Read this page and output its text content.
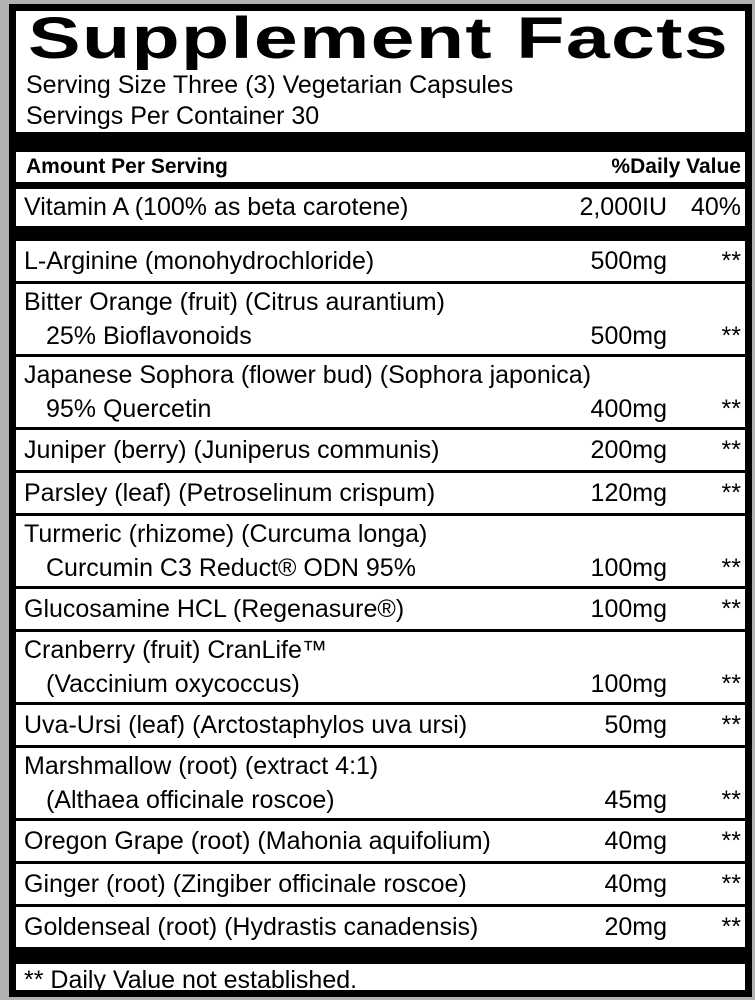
Supplement Facts
Serving Size Three (3) Vegetarian Capsules
Servings Per Container 30
Amount Per Serving	%Daily Value
Vitamin A (100% as beta carotene)	2,000IU 40%
L-Arginine (monohydrochloride)	500mg	**
Bitter Orange (fruit) (Citrus aurantium)
25% Bioflavonoids	500mg	**
Japanese Sophora (flower bud) (Sophora japonica)
95% Quercetin	400mg	**
Juniper (berry) (Juniperus communis)	200mg	**
Parsley (leaf) (Petroselinum crispum)	120mg	**
Turmeric (rhizome) (Curcuma longa)
Curcumin C3 Reduct® ODN 95%	100mg	**
Glucosamine HCL (Regenasure®)	100mg	**
Cranberry (fruit) CranLife™
(Vaccinium oxycoccus)	100mg	**
Uva-Ursi (leaf) (Arctostaphylos uva ursi)	50mg	**
Marshmallow (root) (extract 4:1)
(Althaea officinale roscoe)	45mg	**
Oregon Grape (root) (Mahonia aquifolium)	40mg	**
Ginger (root) (Zingiber officinale roscoe)	40mg	**
Goldenseal (root) (Hydrastis canadensis)	20mg	**
** Daily Value not established.
